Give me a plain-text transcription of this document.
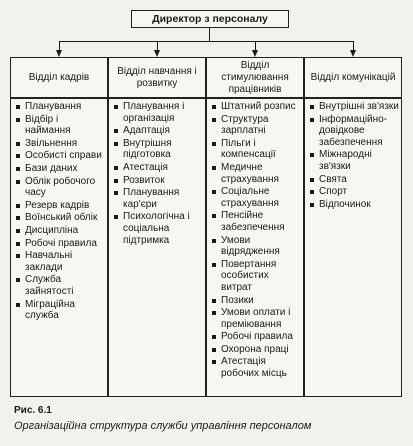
Директор з персоналу
Відділ кадрів
Планування
Відбір і наймання
Звільнення
Особисті справи
Бази даних
Облік робочого часу
Резерв кадрів
Воїнський облік
Дисципліна
Робочі правила
Навчальні заклади
Служба зайнятості
Міграційна служба
Відділ навчання і розвитку
Планування і організація
Адаптація
Внутрішня підготовка
Атестація
Розвиток
Планування кар'єри
Психологічна і соціальна підтримка
Відділ стимулювання працівників
Штатний розпис
Структура зарплатні
Пільги і компенсації
Медичне страхування
Соціальне страхування
Пенсійне забезпечення
Умови відрядження
Повертання особистих витрат
Позики
Умови оплати і преміювання
Робочі правила
Охорона праці
Атестація робочих місць
Відділ комунікацій
Внутрішні зв'язки
Інформаційно-довідкове забезпечення
Міжнародні зв'язки
Свята
Спорт
Відпочинок
Рис. 6.1
Організаційна структура служби управління персоналом
